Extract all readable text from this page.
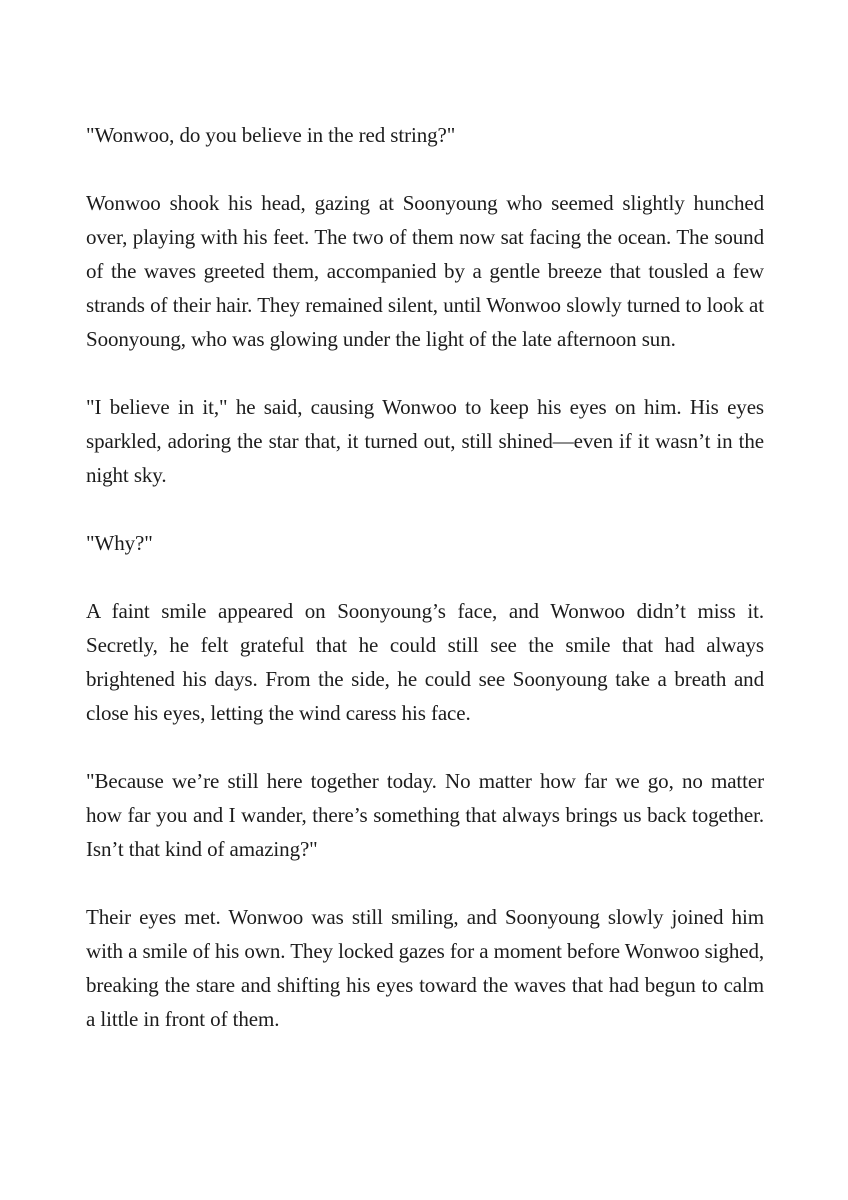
"Wonwoo, do you believe in the red string?"

Wonwoo shook his head, gazing at Soonyoung who seemed slightly hunched over, playing with his feet. The two of them now sat facing the ocean. The sound of the waves greeted them, accompanied by a gentle breeze that tousled a few strands of their hair. They remained silent, until Wonwoo slowly turned to look at Soonyoung, who was glowing under the light of the late afternoon sun.

"I believe in it," he said, causing Wonwoo to keep his eyes on him. His eyes sparkled, adoring the star that, it turned out, still shined—even if it wasn’t in the night sky.

"Why?"

A faint smile appeared on Soonyoung’s face, and Wonwoo didn’t miss it. Secretly, he felt grateful that he could still see the smile that had always brightened his days. From the side, he could see Soonyoung take a breath and close his eyes, letting the wind caress his face.

"Because we’re still here together today. No matter how far we go, no matter how far you and I wander, there’s something that always brings us back together. Isn’t that kind of amazing?"

Their eyes met. Wonwoo was still smiling, and Soonyoung slowly joined him with a smile of his own. They locked gazes for a moment before Wonwoo sighed, breaking the stare and shifting his eyes toward the waves that had begun to calm a little in front of them.
